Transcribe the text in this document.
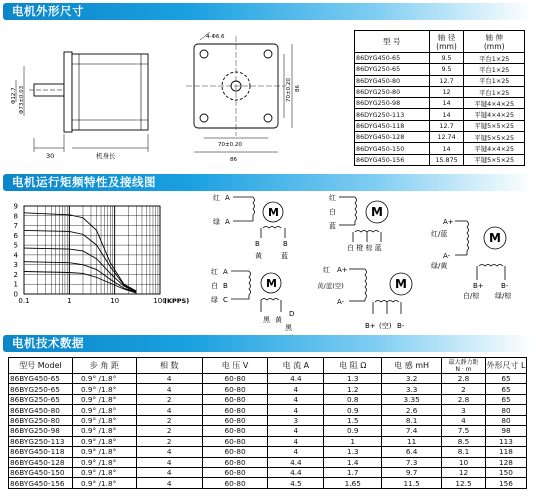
电机外形尺寸
电机运行矩频特性及接线图
电机技术数据
30	机身长
Φ73±0.03
Φ12.7
4-Φ6.6
70±0.20
86
70±0.20 86
型 号	轴 径
(mm)	轴 伸
(mm)
86DYG450-65	9.5	平台1×25
86DYG250-65	9.5	平台1×25
86DYG450-80	12.7	平台1×25
86DYG250-80	12	平台1×25
86DYG250-98	14	平键4×4×25
86DYG250-113	14	平键4×4×25
86DYG450-118	12.7	平键5×5×25
86DYG450-128	12.74	平键5×5×25
86DYG450-150	14	平键4×4×25
86DYG450-156	15.875	平键5×5×25
0
1
2
3
4
5
6
7
8
9
0.1	1	10	100
(KPPS)
红 A
绿 A
B	B
黄	蓝
M
红 A
白
绿 C
B
黑 黄
D
黑
M
红
白
蓝
白 橙 棕 蓝
M
红 A+
黄/蓝(空)
A-
B+ (空) B-
M
A+
红/蓝
A-
绿/黄
B+ B-
白/棕 绿/棕
M
型号 Model	步 角 距	相 数	电 压 V	电 流 A	电 阻 Ω	电 感 mH	最大静力距
N · m	外形尺寸 L
86BYG450-65	0.9° /1.8°	4	60-80	4.4	1.3	3.2	2.8	65
86BYG250-65	0.9° /1.8°	4	60-80	4	1.2	3.3	2	65
86BYG250-65	0.9° /1.8°	2	60-80	4	0.8	3.35	2.8	65
86BYG450-80	0.9° /1.8°	4	60-80	4	0.9	2.6	3	80
86BYG250-80	0.9° /1.8°	2	60-80	3	1.5	8.1	4	80
86BYG250-98	0.9° /1.8°	2	60-80	4	0.9	7.4	7.5	98
86BYG250-113	0.9° /1.8°	2	60-80	4	1	11	8.5	113
86BYG450-118	0.9° /1.8°	4	60-80	4	1.3	6.4	8.1	118
86BYG450-128	0.9° /1.8°	4	60-80	4.4	1.4	7.3	10	128
86BYG450-150	0.9° /1.8°	4	60-80	4.4	1.7	9.7	12	150
86BYG450-156	0.9° /1.8°	4	60-80	4.5	1.65	11.5	12.5	156
